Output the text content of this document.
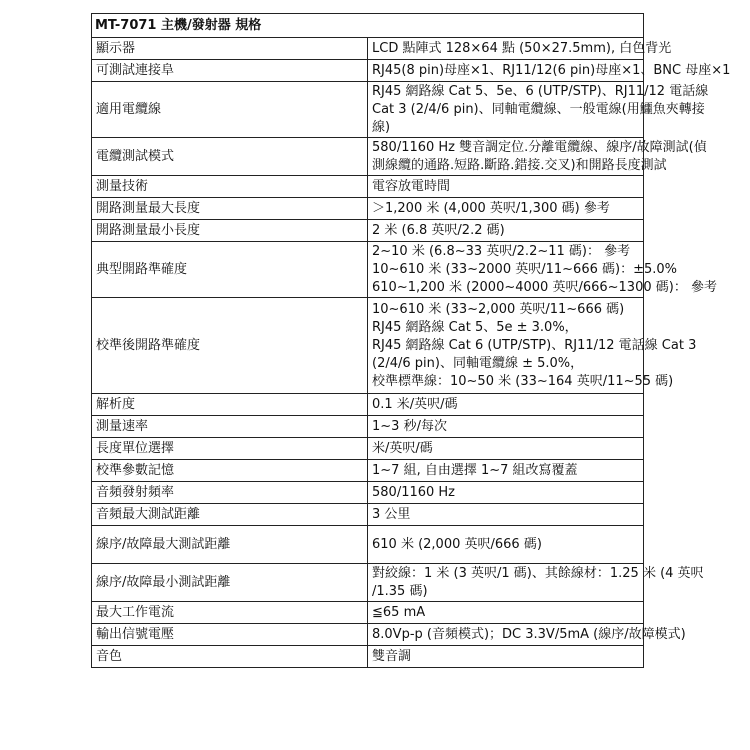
MT-7071 主機/發射器 規格	
顯示器	LCD 點陣式 128×64 點 (50×27.5mm), 白色背光

可測試連接阜	RJ45(8 pin)母座×1、RJ11/12(6 pin)母座×1、BNC 母座×1

適用電纜線	RJ45 網路線 Cat 5、5e、6 (UTP/STP)、RJ11/12 電話線
Cat 3 (2/4/6 pin)、同軸電纜線、一般電線(用鱷魚夾轉接
線)

電纜測試模式	580/1160 Hz 雙音調定位.分離電纜線、線序/故障測試(偵
測線纜的通路.短路.斷路.錯接.交叉)和開路長度測試

測量技術	電容放電時間

開路測量最大長度	＞1,200 米 (4,000 英呎/1,300 碼) 參考

開路測量最小長度	2 米 (6.8 英呎/2.2 碼)

典型開路準確度	2~10 米 (6.8~33 英呎/2.2~11 碼)： 參考
10~610 米 (33~2000 英呎/11~666 碼)：±5.0%
610~1,200 米 (2000~4000 英呎/666~1300 碼)： 參考

校準後開路準確度	10~610 米 (33~2,000 英呎/11~666 碼)
RJ45 網路線 Cat 5、5e ± 3.0%，
RJ45 網路線 Cat 6 (UTP/STP)、RJ11/12 電話線 Cat 3
(2/4/6 pin)、同軸電纜線 ± 5.0%，
校準標準線：10~50 米 (33~164 英呎/11~55 碼)

解析度	0.1 米/英呎/碼

測量速率	1~3 秒/每次

長度單位選擇	米/英呎/碼

校準參數記憶	1~7 組, 自由選擇 1~7 組改寫覆蓋

音頻發射頻率	580/1160 Hz

音頻最大測試距離	3 公里

線序/故障最大測試距離	610 米 (2,000 英呎/666 碼)

線序/故障最小測試距離	對絞線：1 米 (3 英呎/1 碼)、其餘線材：1.25 米 (4 英呎
/1.35 碼)

最大工作電流	≦65 mA

輸出信號電壓	8.0Vp-p (音頻模式)；DC 3.3V/5mA (線序/故障模式)

音色	雙音調
